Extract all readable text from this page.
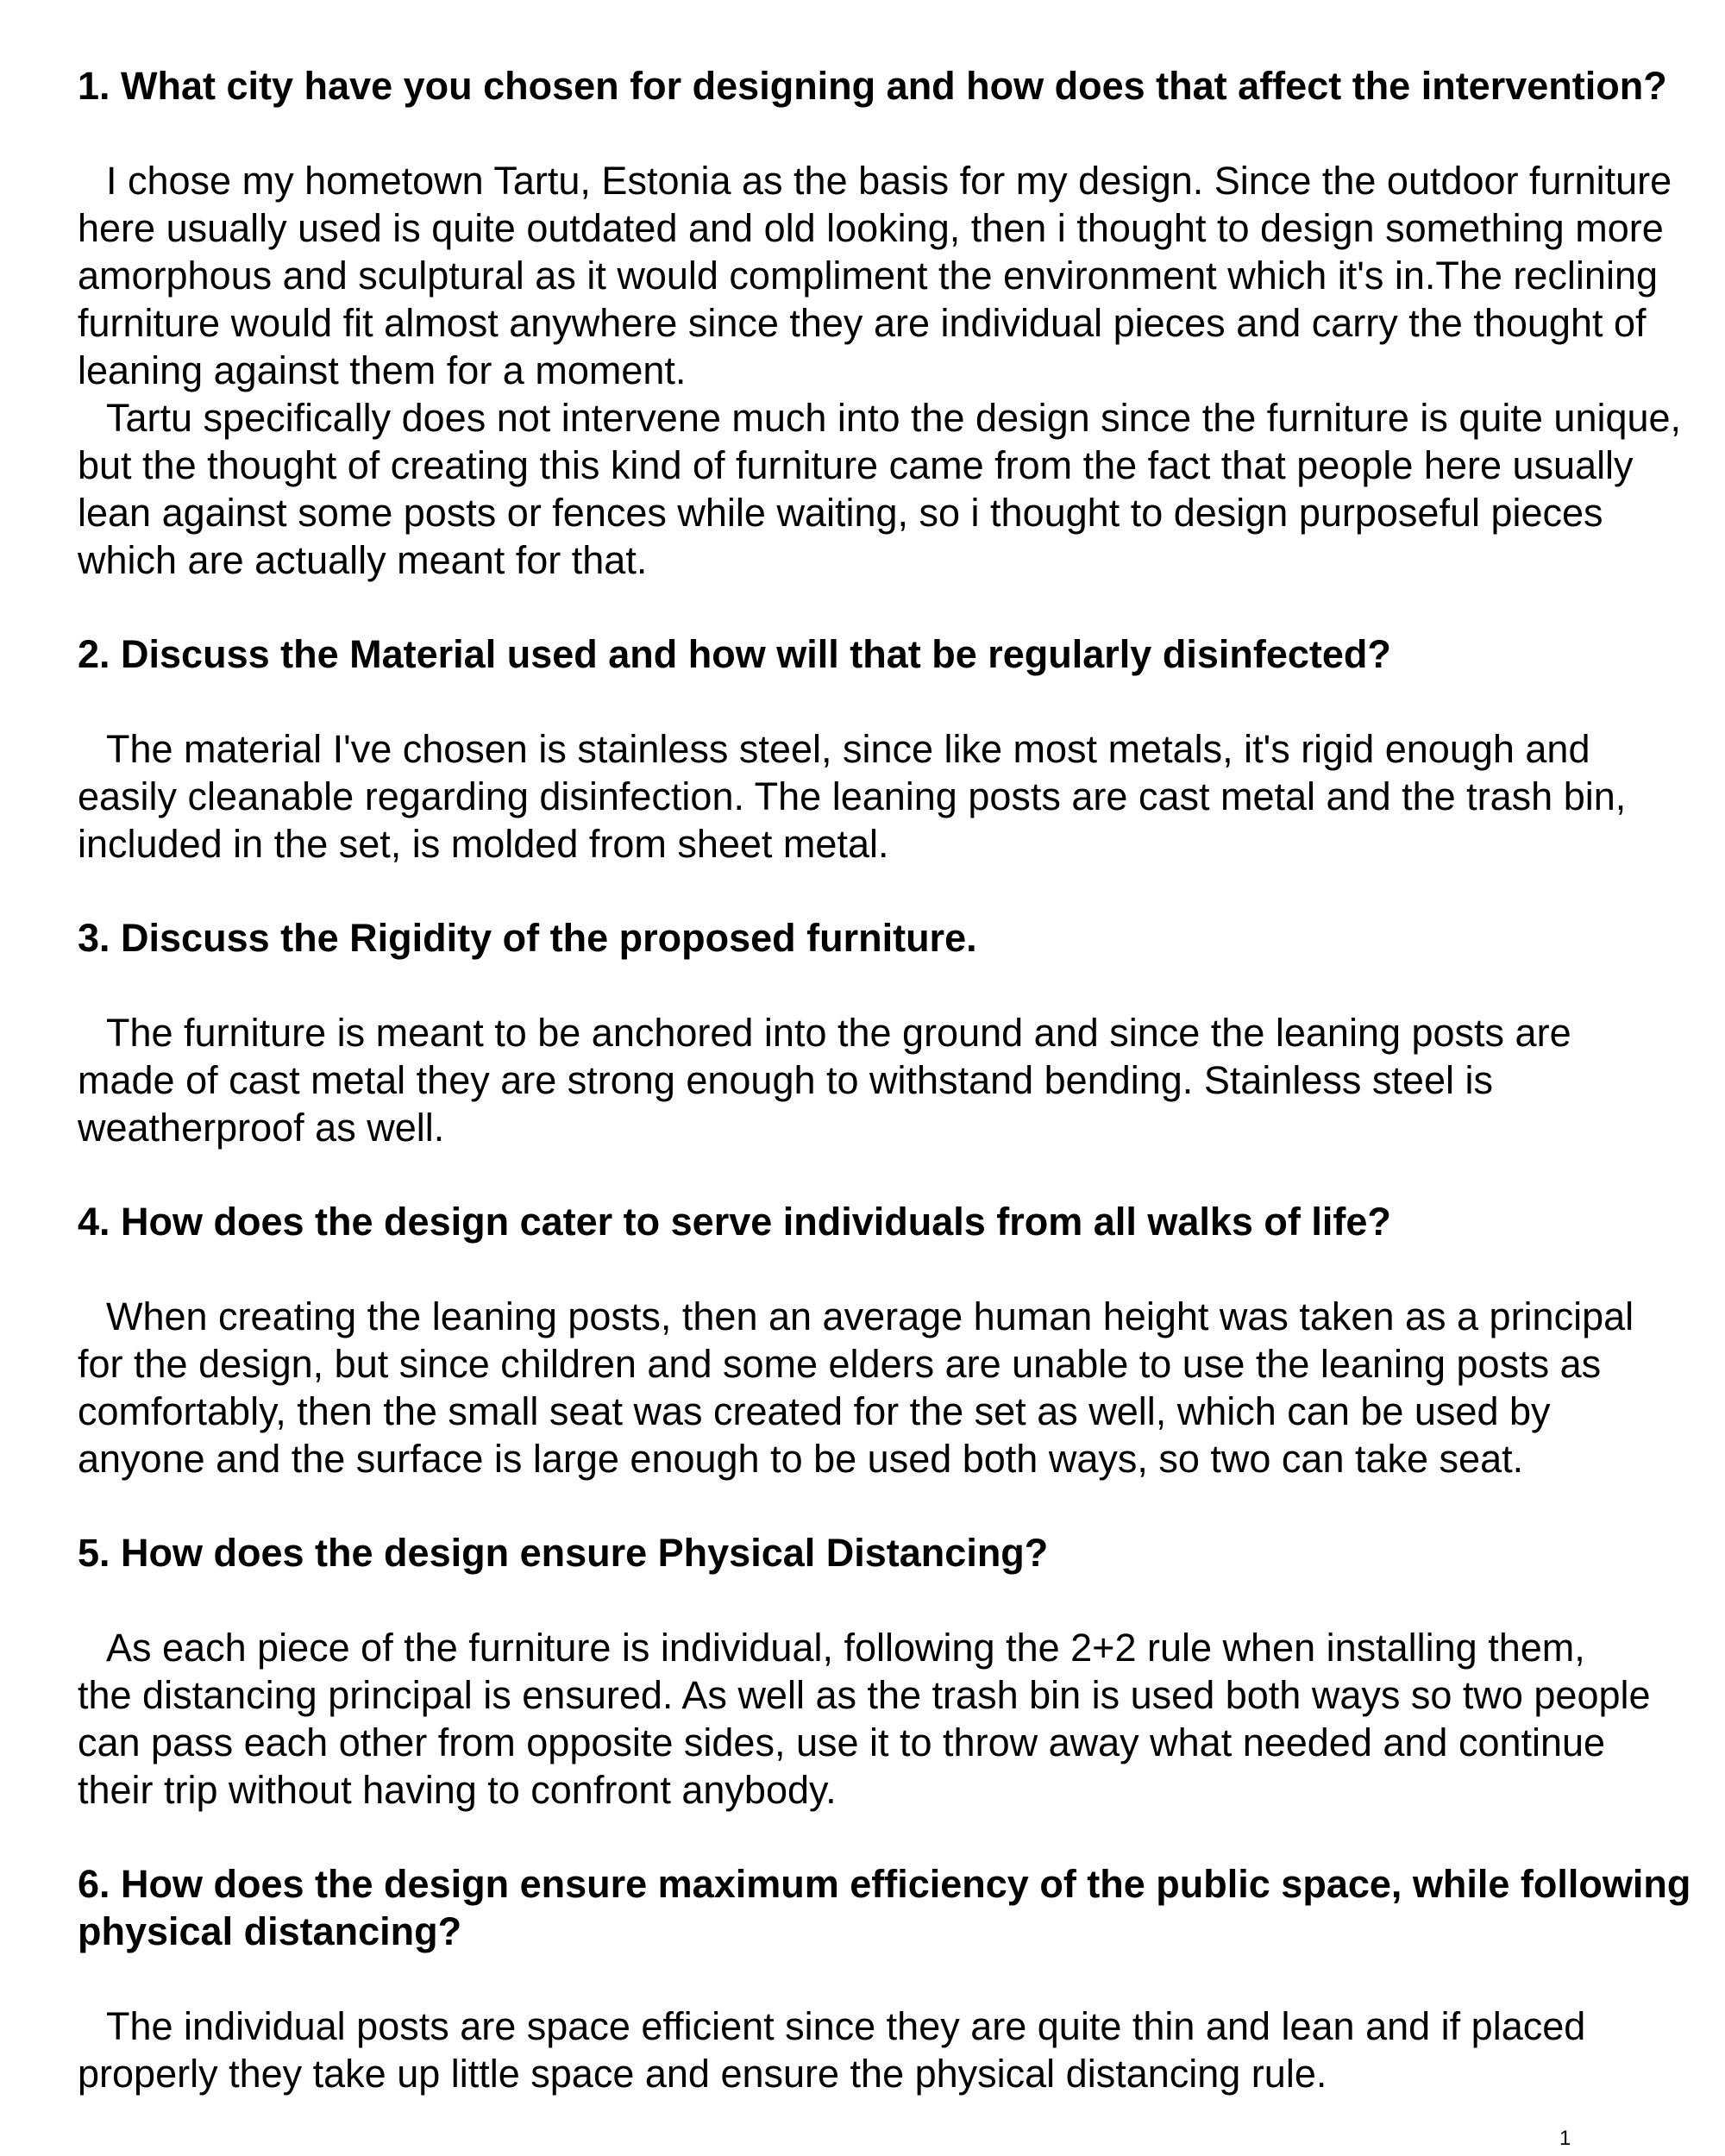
1. What city have you chosen for designing and how does that affect the intervention?
I chose my hometown Tartu, Estonia as the basis for my design. Since the outdoor furniture
here usually used is quite outdated and old looking, then i thought to design something more
amorphous and sculptural as it would compliment the environment which it's in.The reclining
furniture would fit almost anywhere since they are individual pieces and carry the thought of
leaning against them for a moment.
Tartu specifically does not intervene much into the design since the furniture is quite unique,
but the thought of creating this kind of furniture came from the fact that people here usually
lean against some posts or fences while waiting, so i thought to design purposeful pieces
which are actually meant for that.
2. Discuss the Material used and how will that be regularly disinfected?
The material I've chosen is stainless steel, since like most metals, it's rigid enough and
easily cleanable regarding disinfection. The leaning posts are cast metal and the trash bin,
included in the set, is molded from sheet metal.
3. Discuss the Rigidity of the proposed furniture.
The furniture is meant to be anchored into the ground and since the leaning posts are
made of cast metal they are strong enough to withstand bending. Stainless steel is
weatherproof as well.
4. How does the design cater to serve individuals from all walks of life?
When creating the leaning posts, then an average human height was taken as a principal
for the design, but since children and some elders are unable to use the leaning posts as
comfortably, then the small seat was created for the set as well, which can be used by
anyone and the surface is large enough to be used both ways, so two can take seat.
5. How does the design ensure Physical Distancing?
As each piece of the furniture is individual, following the 2+2 rule when installing them,
the distancing principal is ensured. As well as the trash bin is used both ways so two people
can pass each other from opposite sides, use it to throw away what needed and continue
their trip without having to confront anybody.
6. How does the design ensure maximum efficiency of the public space, while following physical distancing?
The individual posts are space efficient since they are quite thin and lean and if placed
properly they take up little space and ensure the physical distancing rule.
1
